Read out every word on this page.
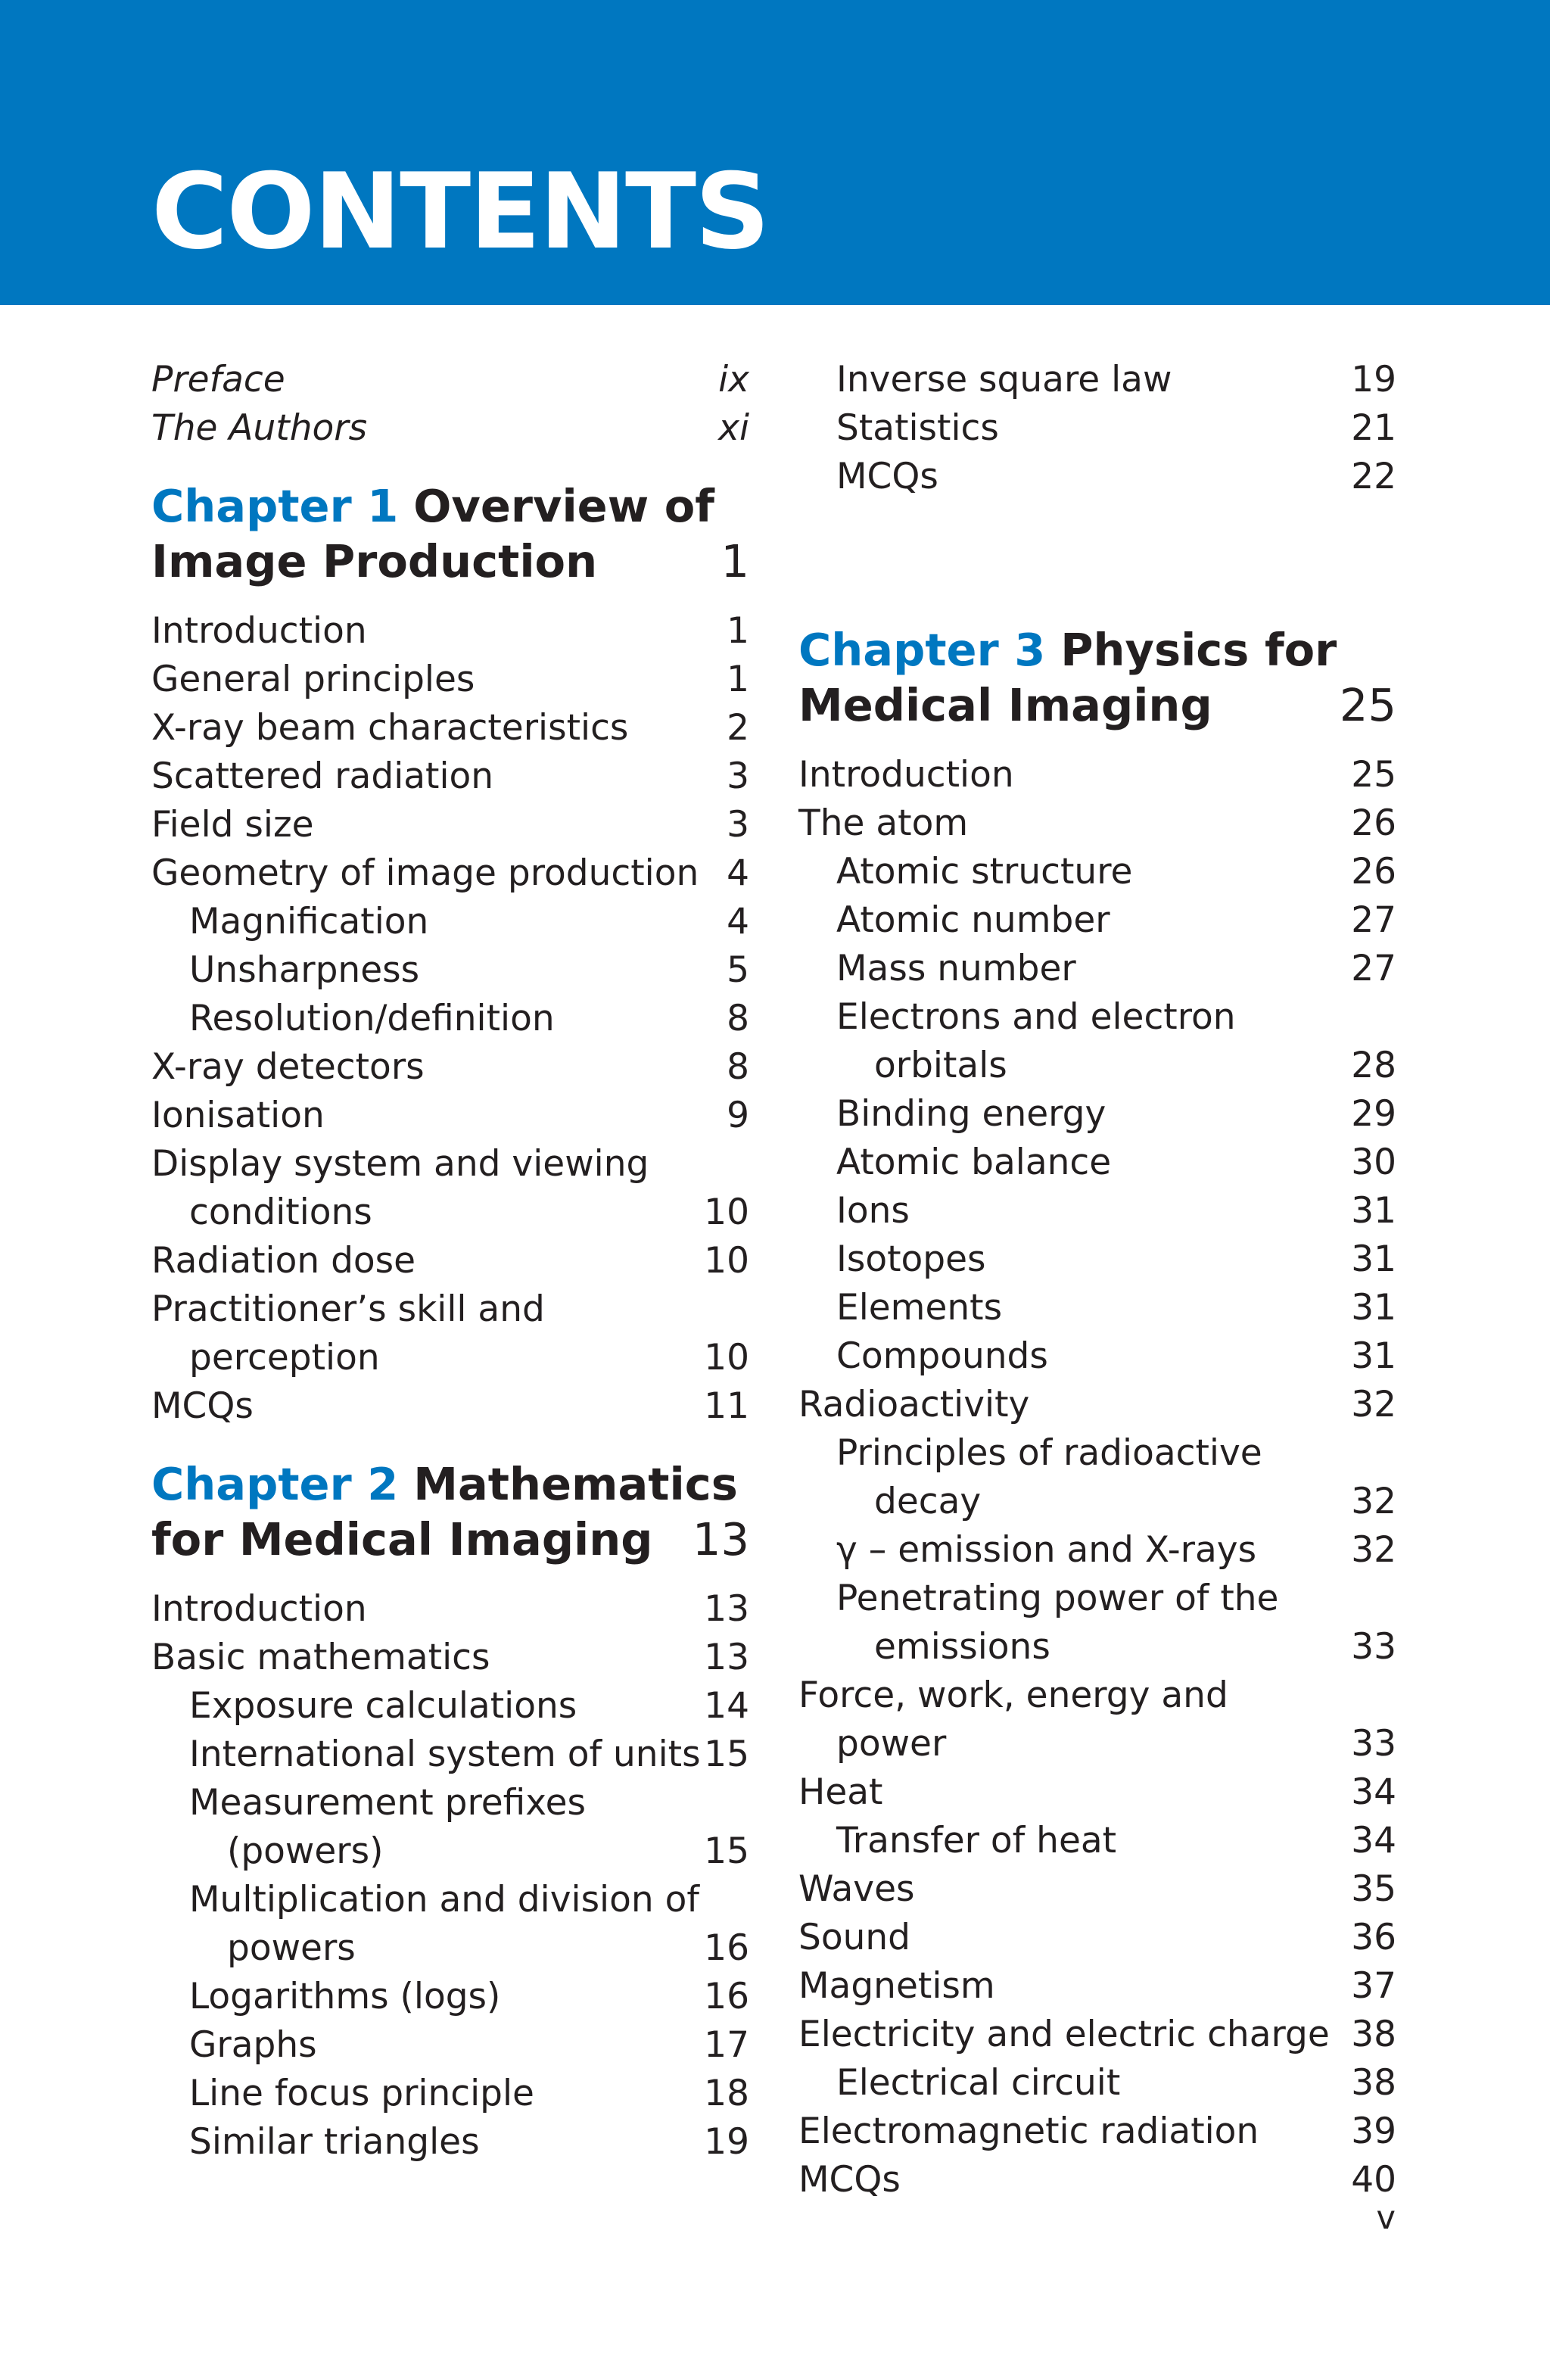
CONTENTS
Preface	ix
The Authors	xi
Chapter 1 Overview of
Image Production	1
Introduction	1
General principles	1
X-ray beam characteristics	2
Scattered radiation	3
Field size	3
Geometry of image production 4
Magnification	4
Unsharpness	5
Resolution/definition	8
X-ray detectors	8
Ionisation	9
Display system and viewing
conditions	10
Radiation dose	10
Practitioner’s skill and
perception	10
MCQs	11
Chapter 2 Mathematics
for Medical Imaging 13
Introduction	13
Basic mathematics	13
Exposure calculations	14
International system of units 15
Measurement prefixes
(powers)	15
Multiplication and division of
powers	16
Logarithms (logs)	16
Graphs	17
Line focus principle	18
Similar triangles	19
Inverse square law	19
Statistics	21
MCQs	22
Chapter 3 Physics for
Medical Imaging	25
Introduction	25
The atom	26
Atomic structure	26
Atomic number	27
Mass number	27
Electrons and electron
orbitals	28
Binding energy	29
Atomic balance	30
Ions	31
Isotopes	31
Elements	31
Compounds	31
Radioactivity	32
Principles of radioactive
decay	32
γ – emission and X-rays	32
Penetrating power of the
emissions	33
Force, work, energy and
power	33
Heat	34
Transfer of heat	34
Waves	35
Sound	36
Magnetism	37
Electricity and electric charge 38
Electrical circuit	38
Electromagnetic radiation	39
MCQs	40
v
